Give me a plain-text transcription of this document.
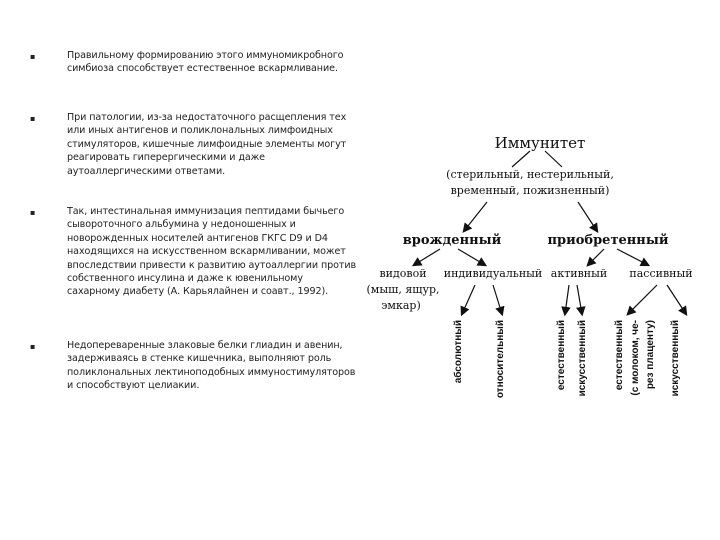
▪	Правильному формированию этого иммуномикробного симбиоза способствует естественное вскармливание.
▪	При патологии, из-за недостаточного расщепления тех или иных антигенов и поликлональных лимфоидных стимуляторов, кишечные лимфоидные элементы могут реагировать гиперергическими и даже аутоаллергическими ответами.
▪	Так, интестинальная иммунизация пептидами бычьего сывороточного альбумина у недоношенных и новорожденных носителей антигенов ГКГС D9 и D4 находящихся на искусственном вскармливании, может впоследствии привести к развитию аутоаллергии против собственного инсулина и даже к ювенильному сахарному диабету (А. Карьялайнен и соавт., 1992).
▪	Недопереваренные злаковые белки глиадин и авенин, задерживаясь в стенке кишечника, выполняют роль поликлональных лектиноподобных иммуностимуляторов и способствуют целиакии.
Иммунитет
(стерильный, нестерильный,
временный, пожизненный)
врожденный	приобретенный
видовой
(мыш, ящур,
эмкар)
индивидуальный активный пассивный
абсолютный	относительный	естественный искусственный	естественный (с молоком, че- рез плаценту) искусственный
